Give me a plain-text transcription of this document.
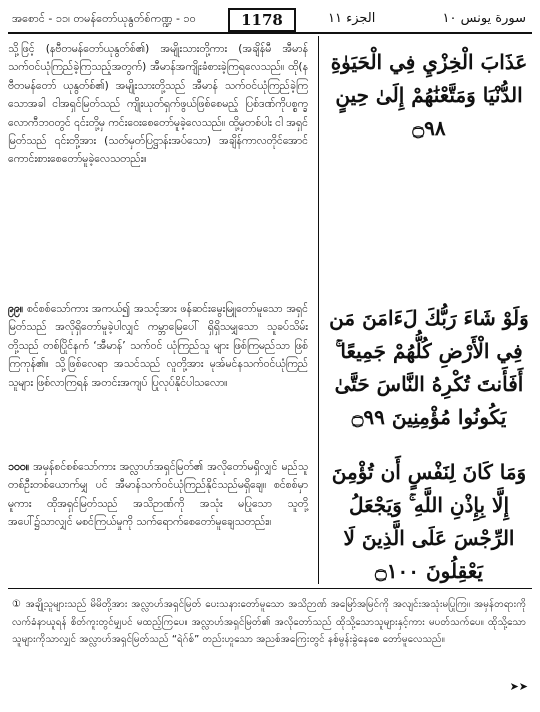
အစောင် - ၁၁၊ တမန်တော်ယုနွတ်စ်ကဏ္ဍ - ၁၀	1178	الجزء ١١	سورة يونس ١٠

သို့ဖြင့် (နဗီတမန်တော်ယုနွတ်စ်၏) အမျိုးသားတို့ကား (အချိန်မီ အီမာန်သက်ဝင်ယုံကြည်ခဲ့ကြသည့်အတွက်) အီမာန်အကျိုးခံစားခဲ့ကြရလေသည်။ ထို(နဗီတမန်တော် ယုနွတ်စ်၏) အမျိုးသားတို့သည် အီမာန် သက်ဝင်ယုံကြည်ခဲ့ကြသောအခါ ငါအရှင်မြတ်သည် ကျိုးယုတ်ရှက်ဖွယ်ဖြစ်စေမည့် ပြစ်ဒဏ်ကိုပစ္စက္ခ လောကီဘဝတွင် ၎င်းတို့မှ ကင်းဝေးစေတော်မူခဲ့လေသည်။ ထို့မှတစ်ပါး ငါ အရှင်မြတ်သည် ၎င်းတို့အား (သတ်မှတ်ပြဋ္ဌာန်းအပ်သော) အချိန်ကာလတိုင်အောင် ကောင်းစားစေတော်မူခဲ့လေသတည်း။

၉၉။ စင်စစ်သော်ကား အကယ်၍ အသင့်အား ဖန်ဆင်းမွေးမြူတော်မူသော အရှင်မြတ်သည် အလိုရှိတော်မူခဲ့ပါလျှင် ကမ္ဘာမြေပေါ် ရှိရှိသမျှသော သူခပ်သိမ်းတို့သည် တစ်ပြိုင်နက် ‘အီမာန်’ သက်ဝင် ယုံကြည်သူ များ ဖြစ်ကြမည်သာ ဖြစ်ကြကုန်၏။ သို့ဖြစ်လေရာ အသင်သည် လူတို့အား မုအ်မင်နသက်ဝင်ယုံကြည်သူများ ဖြစ်လာကြရန် အတင်းအကျပ် ပြုလုပ်နိုင်ပါသလော။

၁၀၀။ အမှန်စင်စစ်သော်ကား အလ္လာဟ်အရှင်မြတ်၏ အလိုတော်မရှိလျှင် မည်သူတစ်ဦးတစ်ယောက်မျှ ပင် အီမာန်သက်ဝင်ယုံကြည်နိုင်သည်မရှိချေ။ စင်စစ်မှာမူကား ထိုအရှင်မြတ်သည် အသိဉာဏ်ကို အသုံး မပြုသော သူတို့အပေါ်၌သာလျှင် မစင်ကြယ်မှုကို သက်ရောက်စေတော်မူချေသတည်း။

عَذَابَ الْخِزْيِ فِي الْحَيَوٰةِ الدُّنْيَا وَمَتَّعْنَٰهُمْ إِلَىٰ حِينٍ ۝٩٨
وَلَوْ شَاءَ رَبُّكَ لَءَامَنَ مَن فِي الْأَرْضِ كُلُّهُمْ جَمِيعًا ۚ أَفَأَنتَ تُكْرِهُ النَّاسَ حَتَّىٰ يَكُونُوا مُؤْمِنِينَ ۝٩٩
وَمَا كَانَ لِنَفْسٍ أَن تُؤْمِنَ إِلَّا بِإِذْنِ اللَّهِ ۚ وَيَجْعَلُ الرِّجْسَ عَلَى الَّذِينَ لَا يَعْقِلُونَ ۝١٠٠
① အချို့သူများသည် မိမိတို့အား အလ္လာဟ်အရှင်မြတ် ပေးသနားတော်မူသော အသိဉာဏ် အမြော်အမြင်ကို အလျင်းအသုံးမပြုကြ။ အမှန်တရားကို လက်ခံနာယူရန် စိတ်ကူးတွင်မျှပင် မထည့်ကြပေ။ အလ္လာဟ်အရှင်မြတ်၏ အလိုတော်သည် ထိုသို့သောသူများနှင့်ကား မပတ်သက်ပေ။ ထိုသို့သော သူများကိုသာလျှင် အလ္လာဟ်အရှင်မြတ်သည် “ရဲဂ်စ်” တည်းဟူသော အညစ်အကြေးတွင် နစ်မွန်းခွဲနေစေ တော်မူလေသည်။
➤➤
